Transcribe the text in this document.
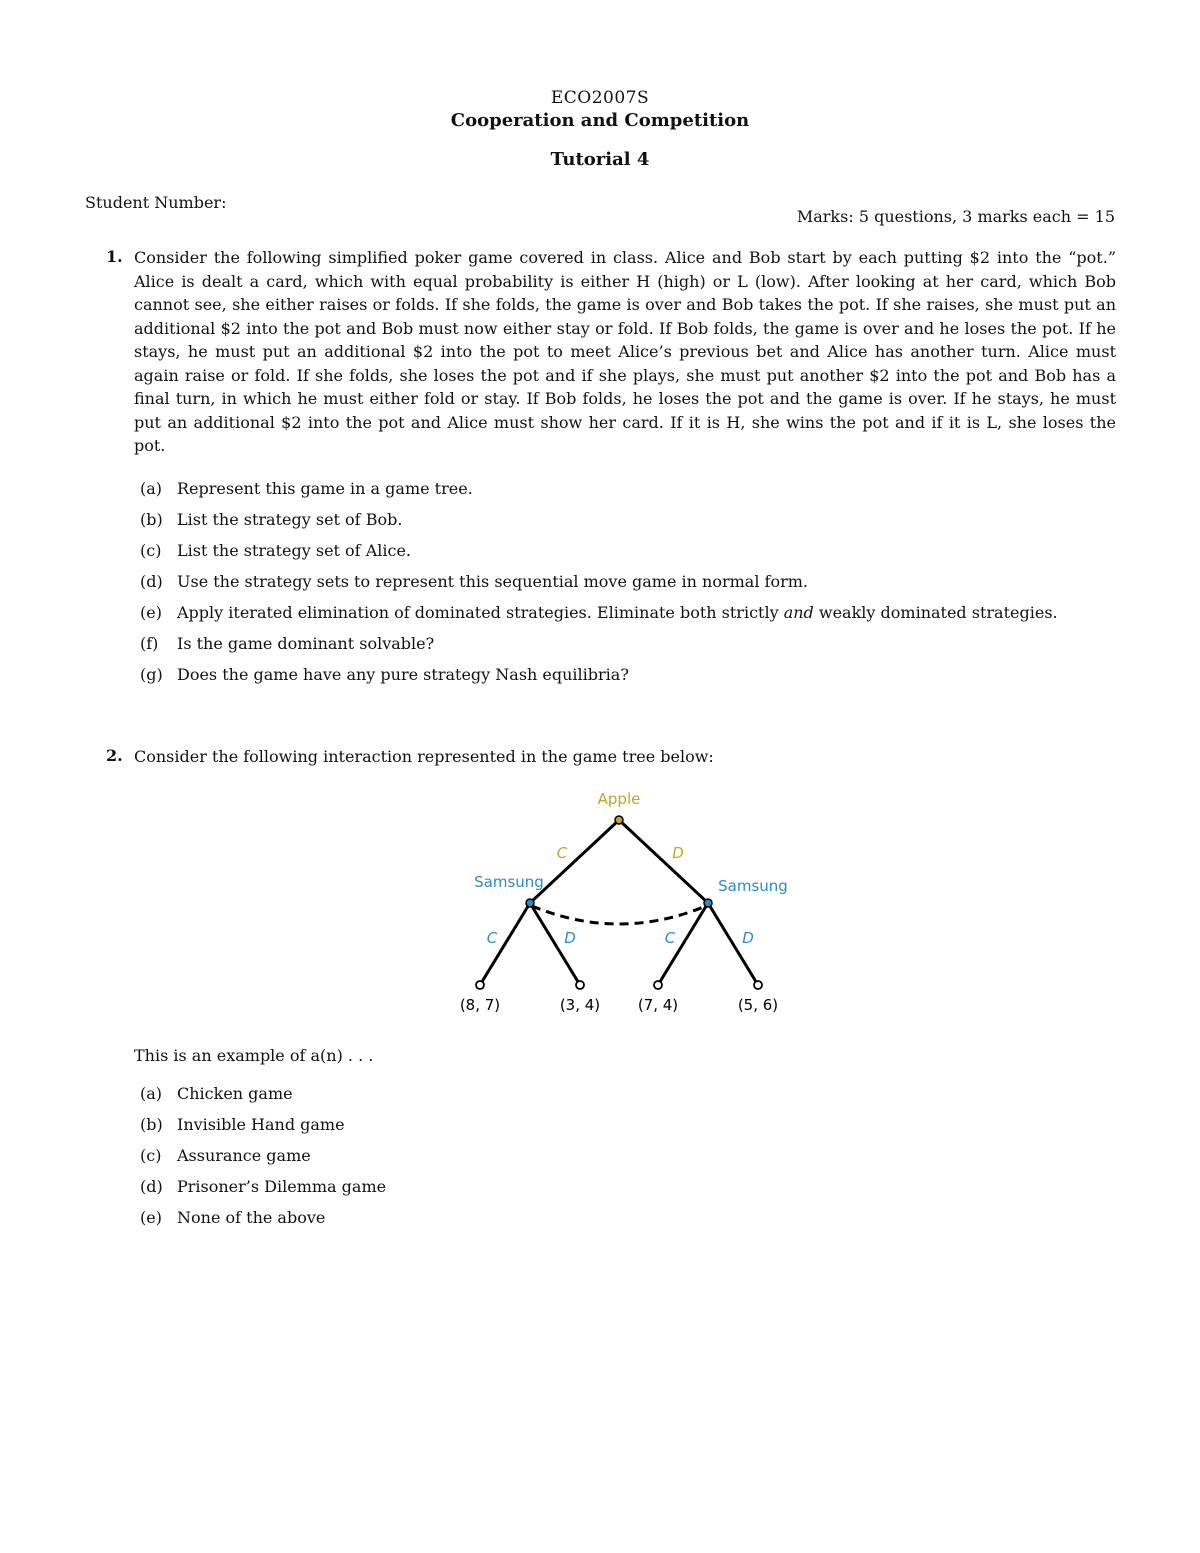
ECO2007S
Cooperation and Competition
Tutorial 4
Student Number:
Marks: 5 questions, 3 marks each = 15
1. Consider the following simplified poker game covered in class. Alice and Bob start by each putting $2 into the “pot.” Alice is dealt a card, which with equal probability is either H (high) or L (low). After looking at her card, which Bob cannot see, she either raises or folds. If she folds, the game is over and Bob takes the pot. If she raises, she must put an additional $2 into the pot and Bob must now either stay or fold. If Bob folds, the game is over and he loses the pot. If he stays, he must put an additional $2 into the pot to meet Alice’s previous bet and Alice has another turn. Alice must again raise or fold. If she folds, she loses the pot and if she plays, she must put another $2 into the pot and Bob has a final turn, in which he must either fold or stay. If Bob folds, he loses the pot and the game is over. If he stays, he must put an additional $2 into the pot and Alice must show her card. If it is H, she wins the pot and if it is L, she loses the pot.
(a) Represent this game in a game tree.
(b) List the strategy set of Bob.
(c) List the strategy set of Alice.
(d) Use the strategy sets to represent this sequential move game in normal form.
(e) Apply iterated elimination of dominated strategies. Eliminate both strictly and weakly dominated strategies.
(f) Is the game dominant solvable?
(g) Does the game have any pure strategy Nash equilibria?
2. Consider the following interaction represented in the game tree below:
Apple
Samsung	Samsung
C	D
C	D	C	D
(8, 7)	(3, 4)	(7, 4)	(5, 6)
This is an example of a(n) . . .
(a) Chicken game
(b) Invisible Hand game
(c) Assurance game
(d) Prisoner’s Dilemma game
(e) None of the above
